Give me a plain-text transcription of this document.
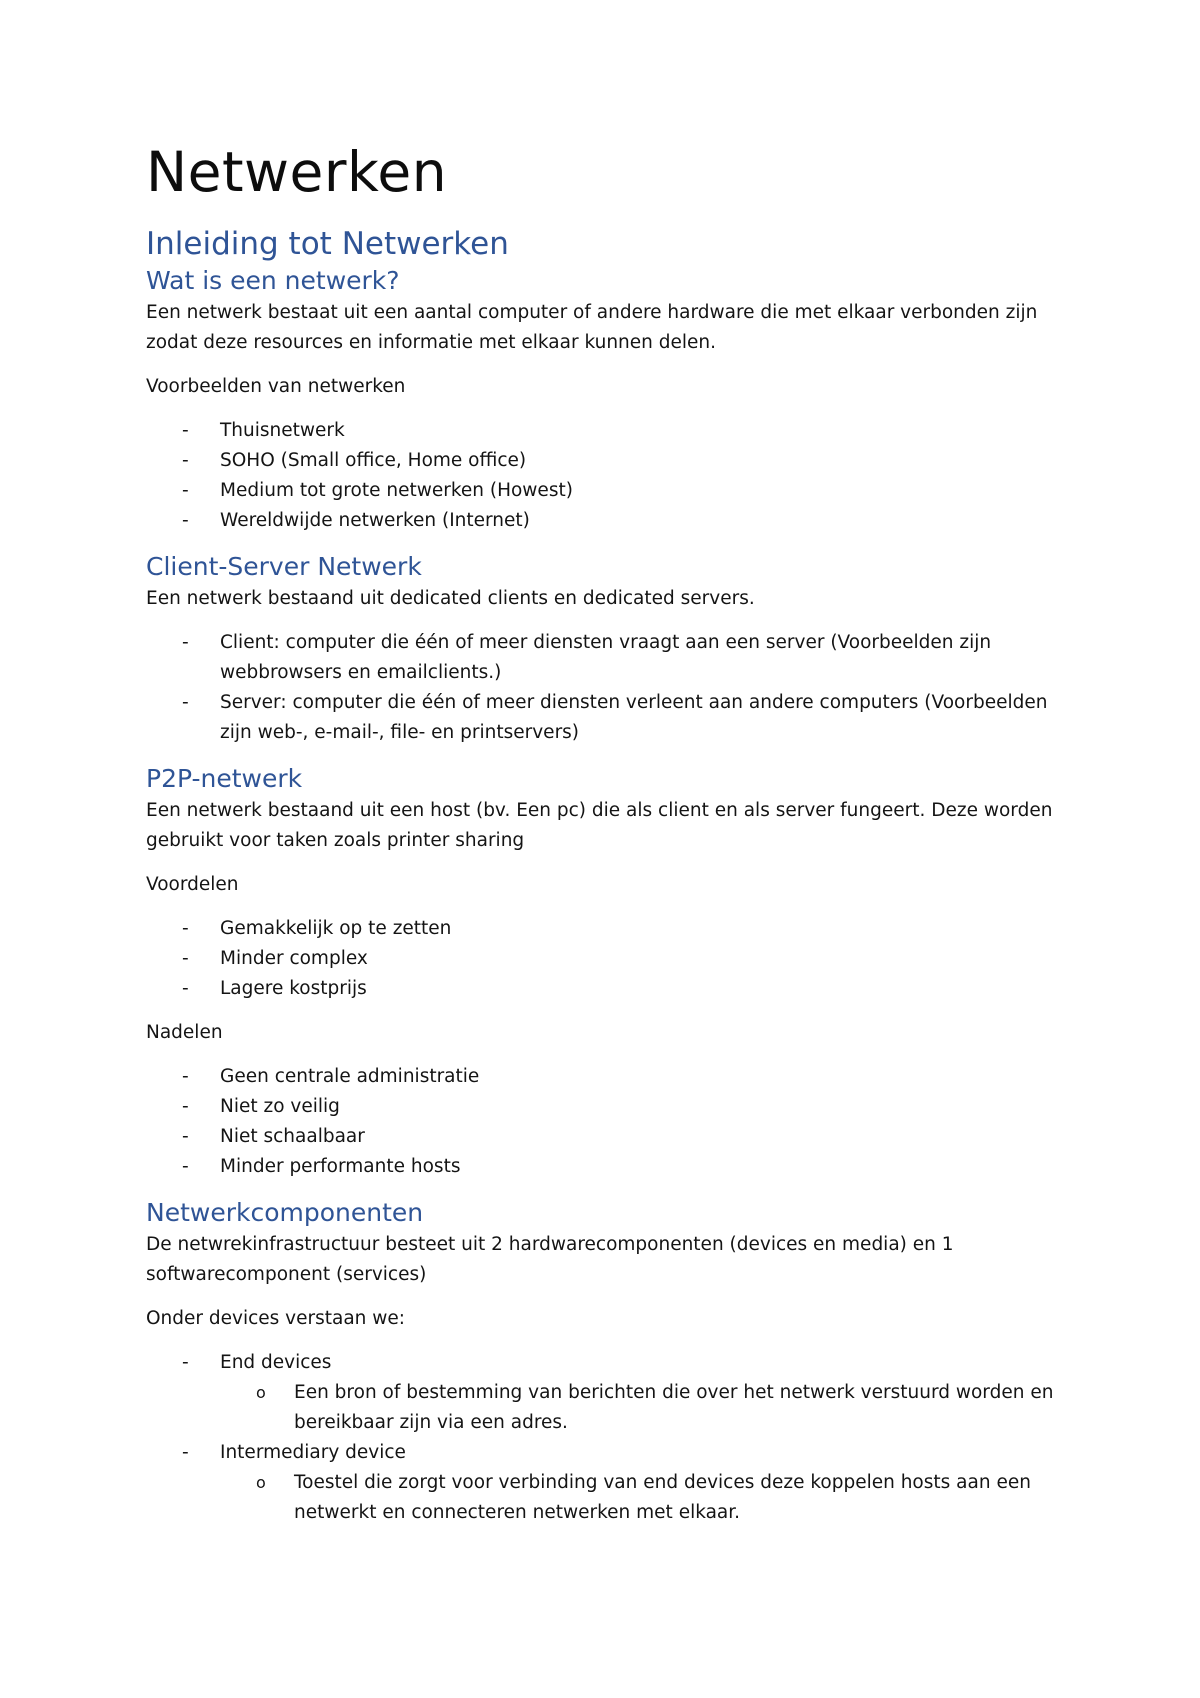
Netwerken
Inleiding tot Netwerken
Wat is een netwerk?

Een netwerk bestaat uit een aantal computer of andere hardware die met elkaar verbonden zijn zodat deze resources en informatie met elkaar kunnen delen.

Voorbeelden van netwerken

- Thuisnetwerk
- SOHO (Small office, Home office)
- Medium tot grote netwerken (Howest)
- Wereldwijde netwerken (Internet)
Client-Server Netwerk

Een netwerk bestaand uit dedicated clients en dedicated servers.

- Client: computer die één of meer diensten vraagt aan een server (Voorbeelden zijn webbrowsers en emailclients.)
- Server: computer die één of meer diensten verleent aan andere computers (Voorbeelden zijn web-, e-mail-, file- en printservers)
P2P-netwerk

Een netwerk bestaand uit een host (bv. Een pc) die als client en als server fungeert. Deze worden gebruikt voor taken zoals printer sharing

Voordelen

- Gemakkelijk op te zetten
- Minder complex
- Lagere kostprijs

Nadelen

- Geen centrale administratie
- Niet zo veilig
- Niet schaalbaar
- Minder performante hosts
Netwerkcomponenten

De netwrekinfrastructuur besteet uit 2 hardwarecomponenten (devices en media) en 1 softwarecomponent (services)

Onder devices verstaan we:

- End devices
o Een bron of bestemming van berichten die over het netwerk verstuurd worden en bereikbaar zijn via een adres.
- Intermediary device
o Toestel die zorgt voor verbinding van end devices deze koppelen hosts aan een netwerkt en connecteren netwerken met elkaar.
